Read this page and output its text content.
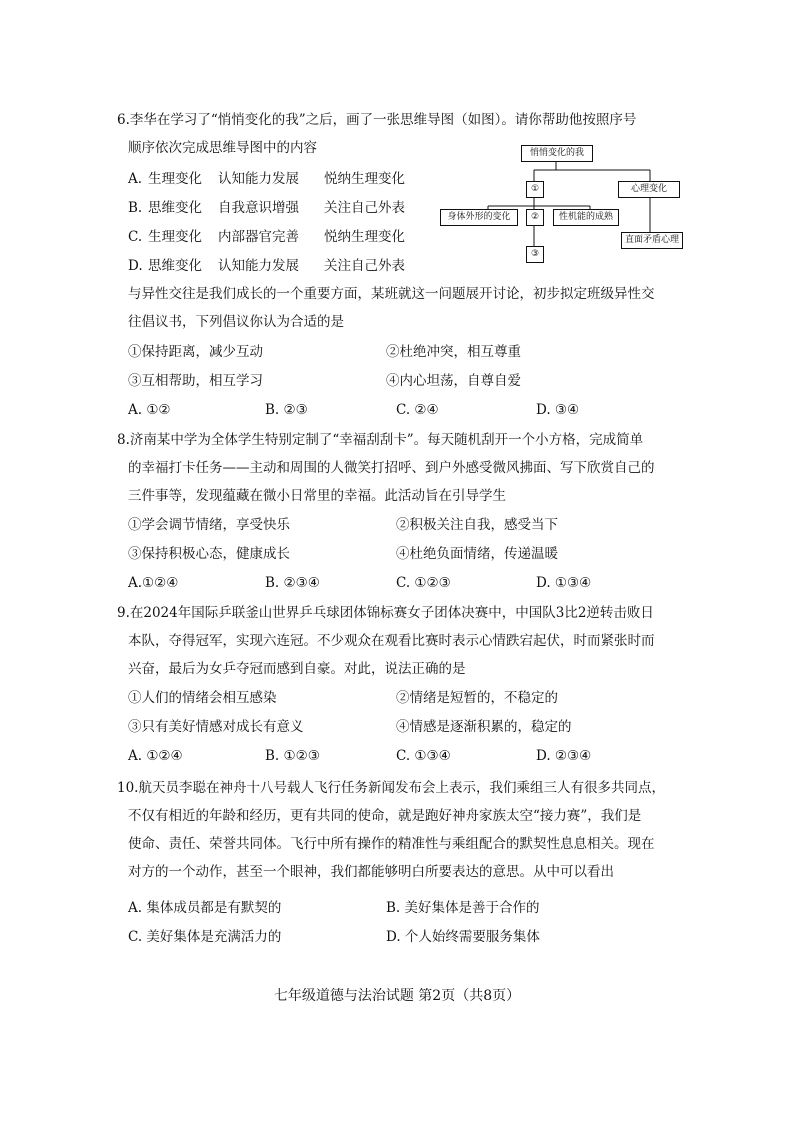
6.李华在学习了“悄悄变化的我”之后，画了一张思维导图（如图）。请你帮助他按照序号
顺序依次完成思维导图中的内容
A. 生理变化 认知能力发展 悦纳生理变化
B. 思维变化 自我意识增强 关注自己外表
C. 生理变化 内部器官完善 悦纳生理变化
D. 思维变化 认知能力发展 关注自己外表
悄悄变化的我
①	心理变化
身体外形的变化	②	性机能的成熟
直面矛盾心理
③
与异性交往是我们成长的一个重要方面，某班就这一问题展开讨论，初步拟定班级异性交
往倡议书，下列倡议你认为合适的是
①保持距离，减少互动	②杜绝冲突，相互尊重
③互相帮助，相互学习	④内心坦荡，自尊自爱
A. ①②	B. ②③	C. ②④	D. ③④
8.济南某中学为全体学生特别定制了“幸福刮刮卡”。每天随机刮开一个小方格，完成简单
的幸福打卡任务——主动和周围的人微笑打招呼、到户外感受微风拂面、写下欣赏自己的
三件事等，发现蕴藏在微小日常里的幸福。此活动旨在引导学生
①学会调节情绪，享受快乐	②积极关注自我，感受当下
③保持积极心态，健康成长	④杜绝负面情绪，传递温暖
A.①②④	B. ②③④	C. ①②③	D. ①③④
9.在2024年国际乒联釜山世界乒乓球团体锦标赛女子团体决赛中，中国队3比2逆转击败日
本队，夺得冠军，实现六连冠。不少观众在观看比赛时表示心情跌宕起伏，时而紧张时而
兴奋，最后为女乒夺冠而感到自豪。对此，说法正确的是
①人们的情绪会相互感染	②情绪是短暂的，不稳定的
③只有美好情感对成长有意义	④情感是逐渐积累的，稳定的
A. ①②④	B. ①②③	C. ①③④	D. ②③④
10.航天员李聪在神舟十八号载人飞行任务新闻发布会上表示，我们乘组三人有很多共同点，
不仅有相近的年龄和经历，更有共同的使命，就是跑好神舟家族太空“接力赛”，我们是
使命、责任、荣誉共同体。飞行中所有操作的精准性与乘组配合的默契性息息相关。现在
对方的一个动作，甚至一个眼神，我们都能够明白所要表达的意思。从中可以看出
A. 集体成员都是有默契的	B. 美好集体是善于合作的
C. 美好集体是充满活力的	D. 个人始终需要服务集体
七年级道德与法治试题 第2页（共8页）
